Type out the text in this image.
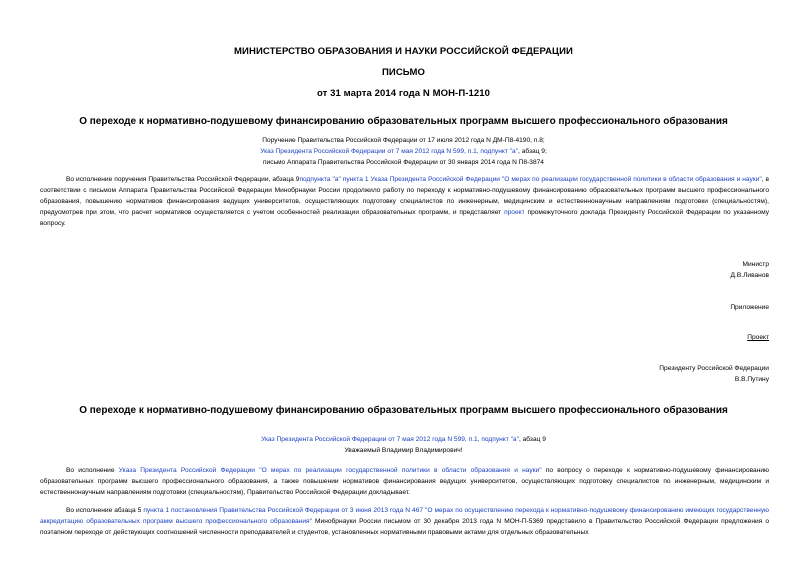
МИНИСТЕРСТВО ОБРАЗОВАНИЯ И НАУКИ РОССИЙСКОЙ ФЕДЕРАЦИИ
ПИСЬМО
от 31 марта 2014 года N МОН-П-1210
О переходе к нормативно-подушевому финансированию образовательных программ высшего профессионального образования
Поручение Правительства Российской Федерации от 17 июля 2012 года N ДМ-П8-4190, п.8;
Указ Президента Российской Федерации от 7 мая 2012 года N 599, п.1, подпункт "а", абзац 9;
письмо Аппарата Правительства Российской Федерации от 30 января 2014 года N П8-3874

Во исполнение поручения Правительства Российской Федерации, абзаца 9подпункта "а" пункта 1 Указа Президента Российской Федерации "О мерах по реализации государственной политики в области образования и науки", в соответствии с письмом Аппарата Правительства Российской Федерации Минобрнауки России продолжило работу по переходу к нормативно-подушевому финансированию образовательных программ высшего профессионального образования, повышению нормативов финансирования ведущих университетов, осуществляющих подготовку специалистов по инженерным, медицинским и естественнонаучным направлениям подготовки (специальностям), предусмотрев при этом, что расчет нормативов осуществляется с учетом особенностей реализации образовательных программ, и представляет проект промежуточного доклада Президенту Российской Федерации по указанному вопросу.

Министр
Д.В.Ливанов
Приложение
Проект
Президенту Российской Федерации
В.В.Путину
О переходе к нормативно-подушевому финансированию образовательных программ высшего профессионального образования
Указ Президента Российской Федерации от 7 мая 2012 года N 599, п.1, подпункт "а", абзац 9
Уважаемый Владимир Владимирович!

Во исполнение Указа Президента Российской Федерации "О мерах по реализации государственной политики в области образования и науки" по вопросу о переходе к нормативно-подушевому финансированию образовательных программ высшего профессионального образования, а также повышении нормативов финансирования ведущих университетов, осуществляющих подготовку специалистов по инженерным, медицинским и естественнонаучным направлениям подготовки (специальностям), Правительство Российской Федерации докладывает.

Во исполнение абзаца 5 пункта 1 постановления Правительства Российской Федерации от 3 июня 2013 года N 467 "О мерах по осуществлению перехода к нормативно-подушевому финансированию имеющих государственную аккредитацию образовательных программ высшего профессионального образования" Минобрнауки России письмом от 30 декабря 2013 года N МОН-П-5369 представило в Правительство Российской Федерации предложения о поэтапном переходе от действующих соотношений численности преподавателей и студентов, установленных нормативными правовыми актами для отдельных образовательных
